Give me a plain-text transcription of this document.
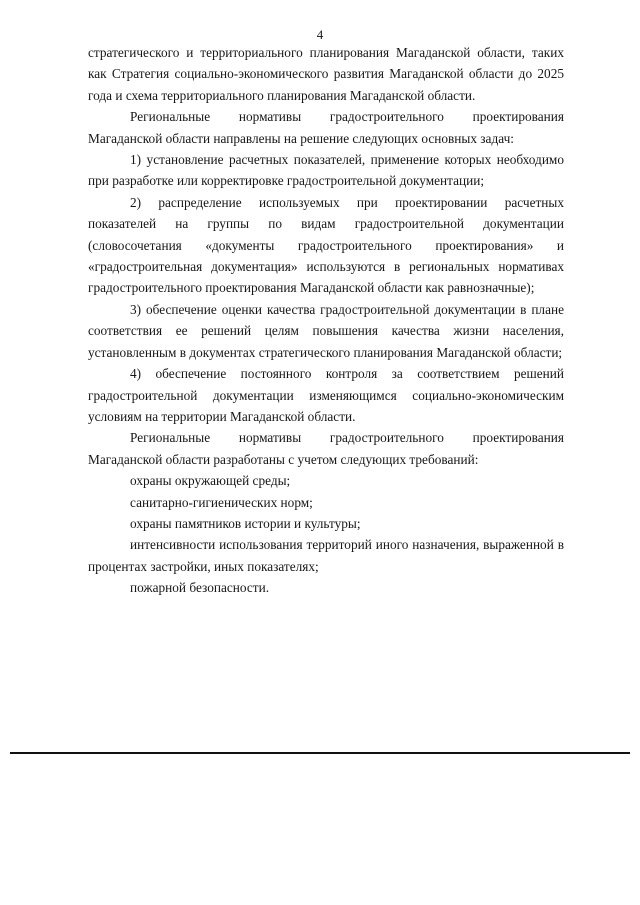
4

стратегического и территориального планирования Магаданской области, таких как Стратегия социально-экономического развития Магаданской области до 2025 года и схема территориального планирования Магаданской области.

Региональные нормативы градостроительного проектирования Магаданской области направлены на решение следующих основных задач:

1) установление расчетных показателей, применение которых необходимо при разработке или корректировке градостроительной документации;

2) распределение используемых при проектировании расчетных показателей на группы по видам градостроительной документации (словосочетания «документы градостроительного проектирования» и «градостроительная документация» используются в региональных нормативах градостроительного проектирования Магаданской области как равнозначные);

3) обеспечение оценки качества градостроительной документации в плане соответствия ее решений целям повышения качества жизни населения, установленным в документах стратегического планирования Магаданской области;

4) обеспечение постоянного контроля за соответствием решений градостроительной документации изменяющимся социально-экономическим условиям на территории Магаданской области.

Региональные нормативы градостроительного проектирования Магаданской области разработаны с учетом следующих требований:

охраны окружающей среды;

санитарно-гигиенических норм;

охраны памятников истории и культуры;

интенсивности использования территорий иного назначения, выраженной в процентах застройки, иных показателях;

пожарной безопасности.
